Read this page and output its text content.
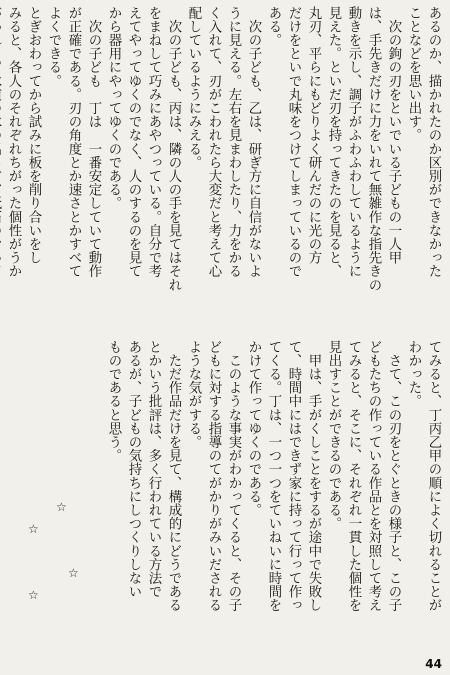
あるのか、描かれたのか区別ができなかった
ことなどを思い出す。
　次の鉤の刃をといでいる子どもの一人甲
は、手先きだけに力をいれて無雑作な指先きの
動きを示し、調子がふわふわしているように
見えた。といだ刃を持ってきたのを見ると、
丸刃、平らにもどりよく研んだのに光の方
だけをといで丸味をつけてしまっているので
ある。
　次の子ども、乙は、研ぎ方に自信がないよ
うに見える。左右を見まわしたり、力をかる
く入れて、刃がこわれたら大変だと考えて心
配しているようにみえる。
　次の子ども、丙は、隣の人の手を見てはそれ
をまねして巧みにあやつっている。自分で考
えてやってゆくのでなく、人のするのを見て
から器用にやってゆくのである。
　次の子ども　丁は　一番安定していて動作
が正確である。刃の角度とか速さとかすべて
よくできる。
とぎおわってから試みに板を削り合いをし
みると、各人のそれぞれちがった個性がうか
てみると、丁丙乙甲の順によく切れることが
わかった。
　さて、この刃をとぐときの様子と、この子
どもたちの作っている作品とを対照して考え
てみると、そこに、それぞれ一貫した個性を
見出すことができるのである。
　甲は、手がくしことをするが途中で失敗し
て、時間中にはできず家に持って行って作っ
てくる。丁は、一つ一つをていねいに時間を
かけて作ってゆくのである。
　このような事実がわかってくると、その子
どもに対する指導のてがかりがみいだされる
ような気がする。
　ただ作品だけを見て、構成的にどうである
とかいう批評は、多く行われている方法で
あるが、子どもの気持ちにしつくりしない
ものであると思う。
☆
☆
☆
☆
44
